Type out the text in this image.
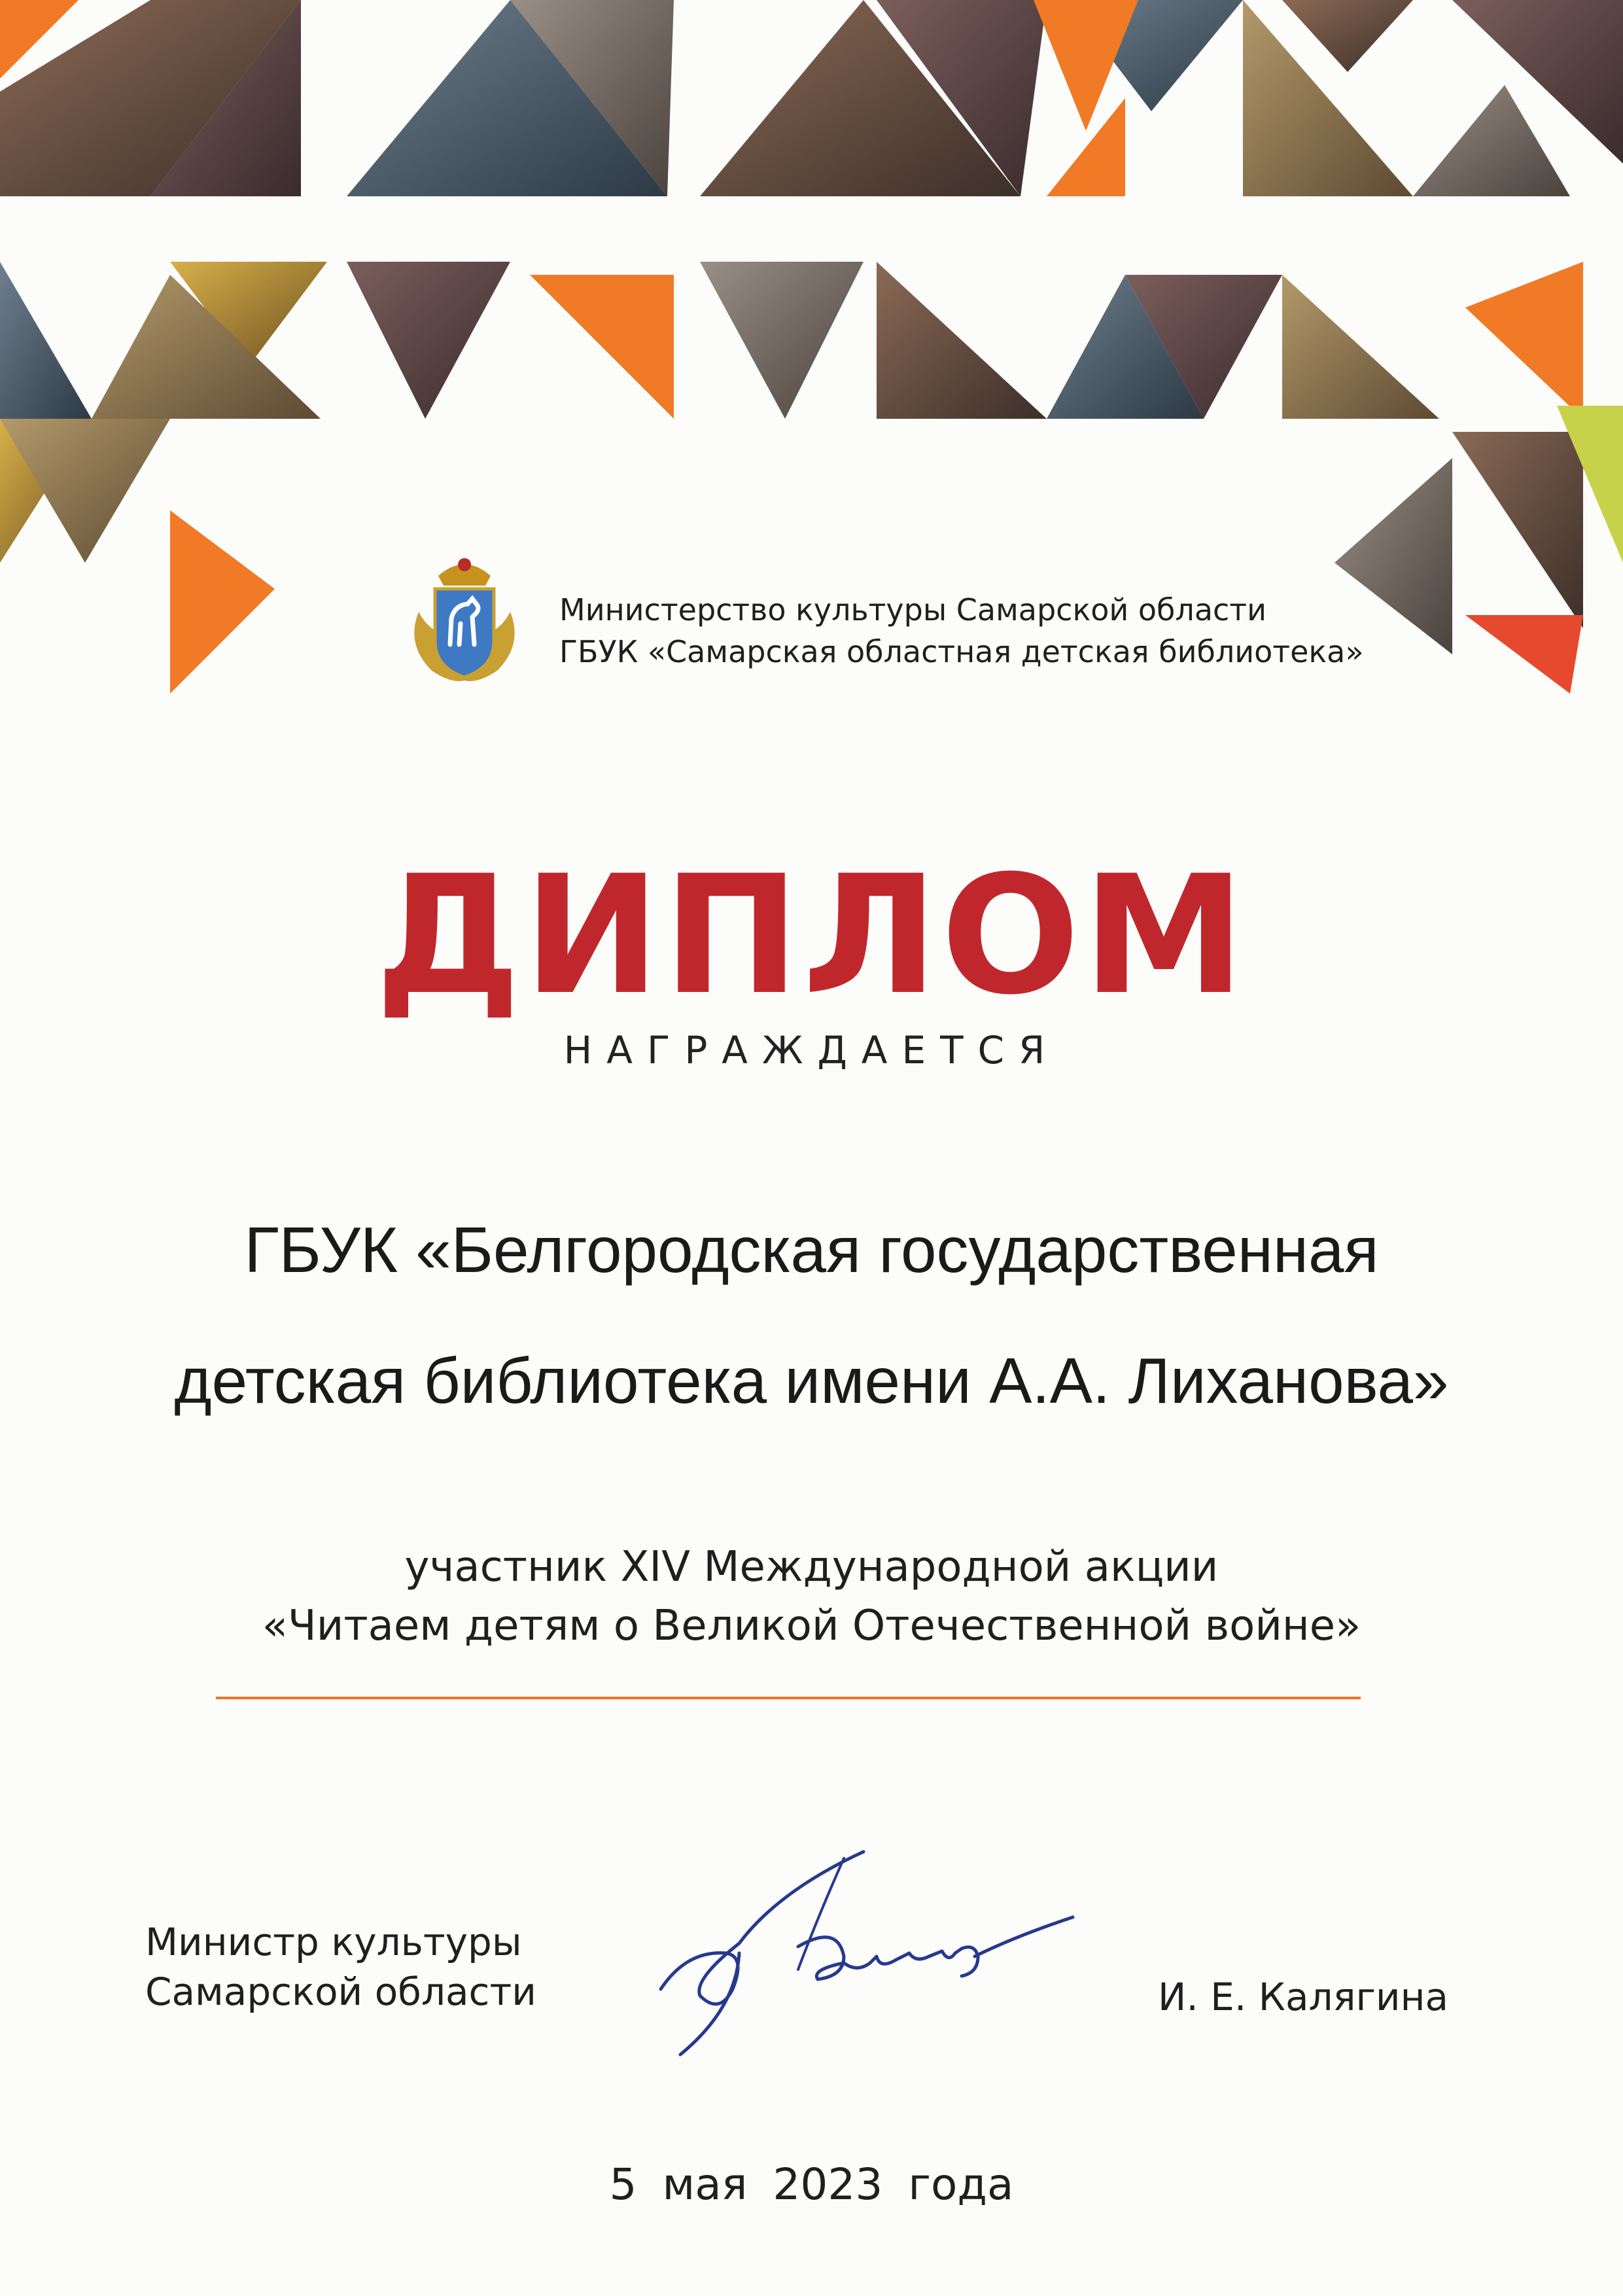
Министерство культуры Самарской области
ГБУК «Самарская областная детская библиотека»
ДИПЛОМ
НАГРАЖДАЕТСЯ
ГБУК «Белгородская государственная
детская библиотека имени А.А. Лиханова»
участник XIV Международной акции
«Читаем детям о Великой Отечественной войне»
Министр культуры
Самарской области	И. Е. Калягина
5 мая 2023 года
